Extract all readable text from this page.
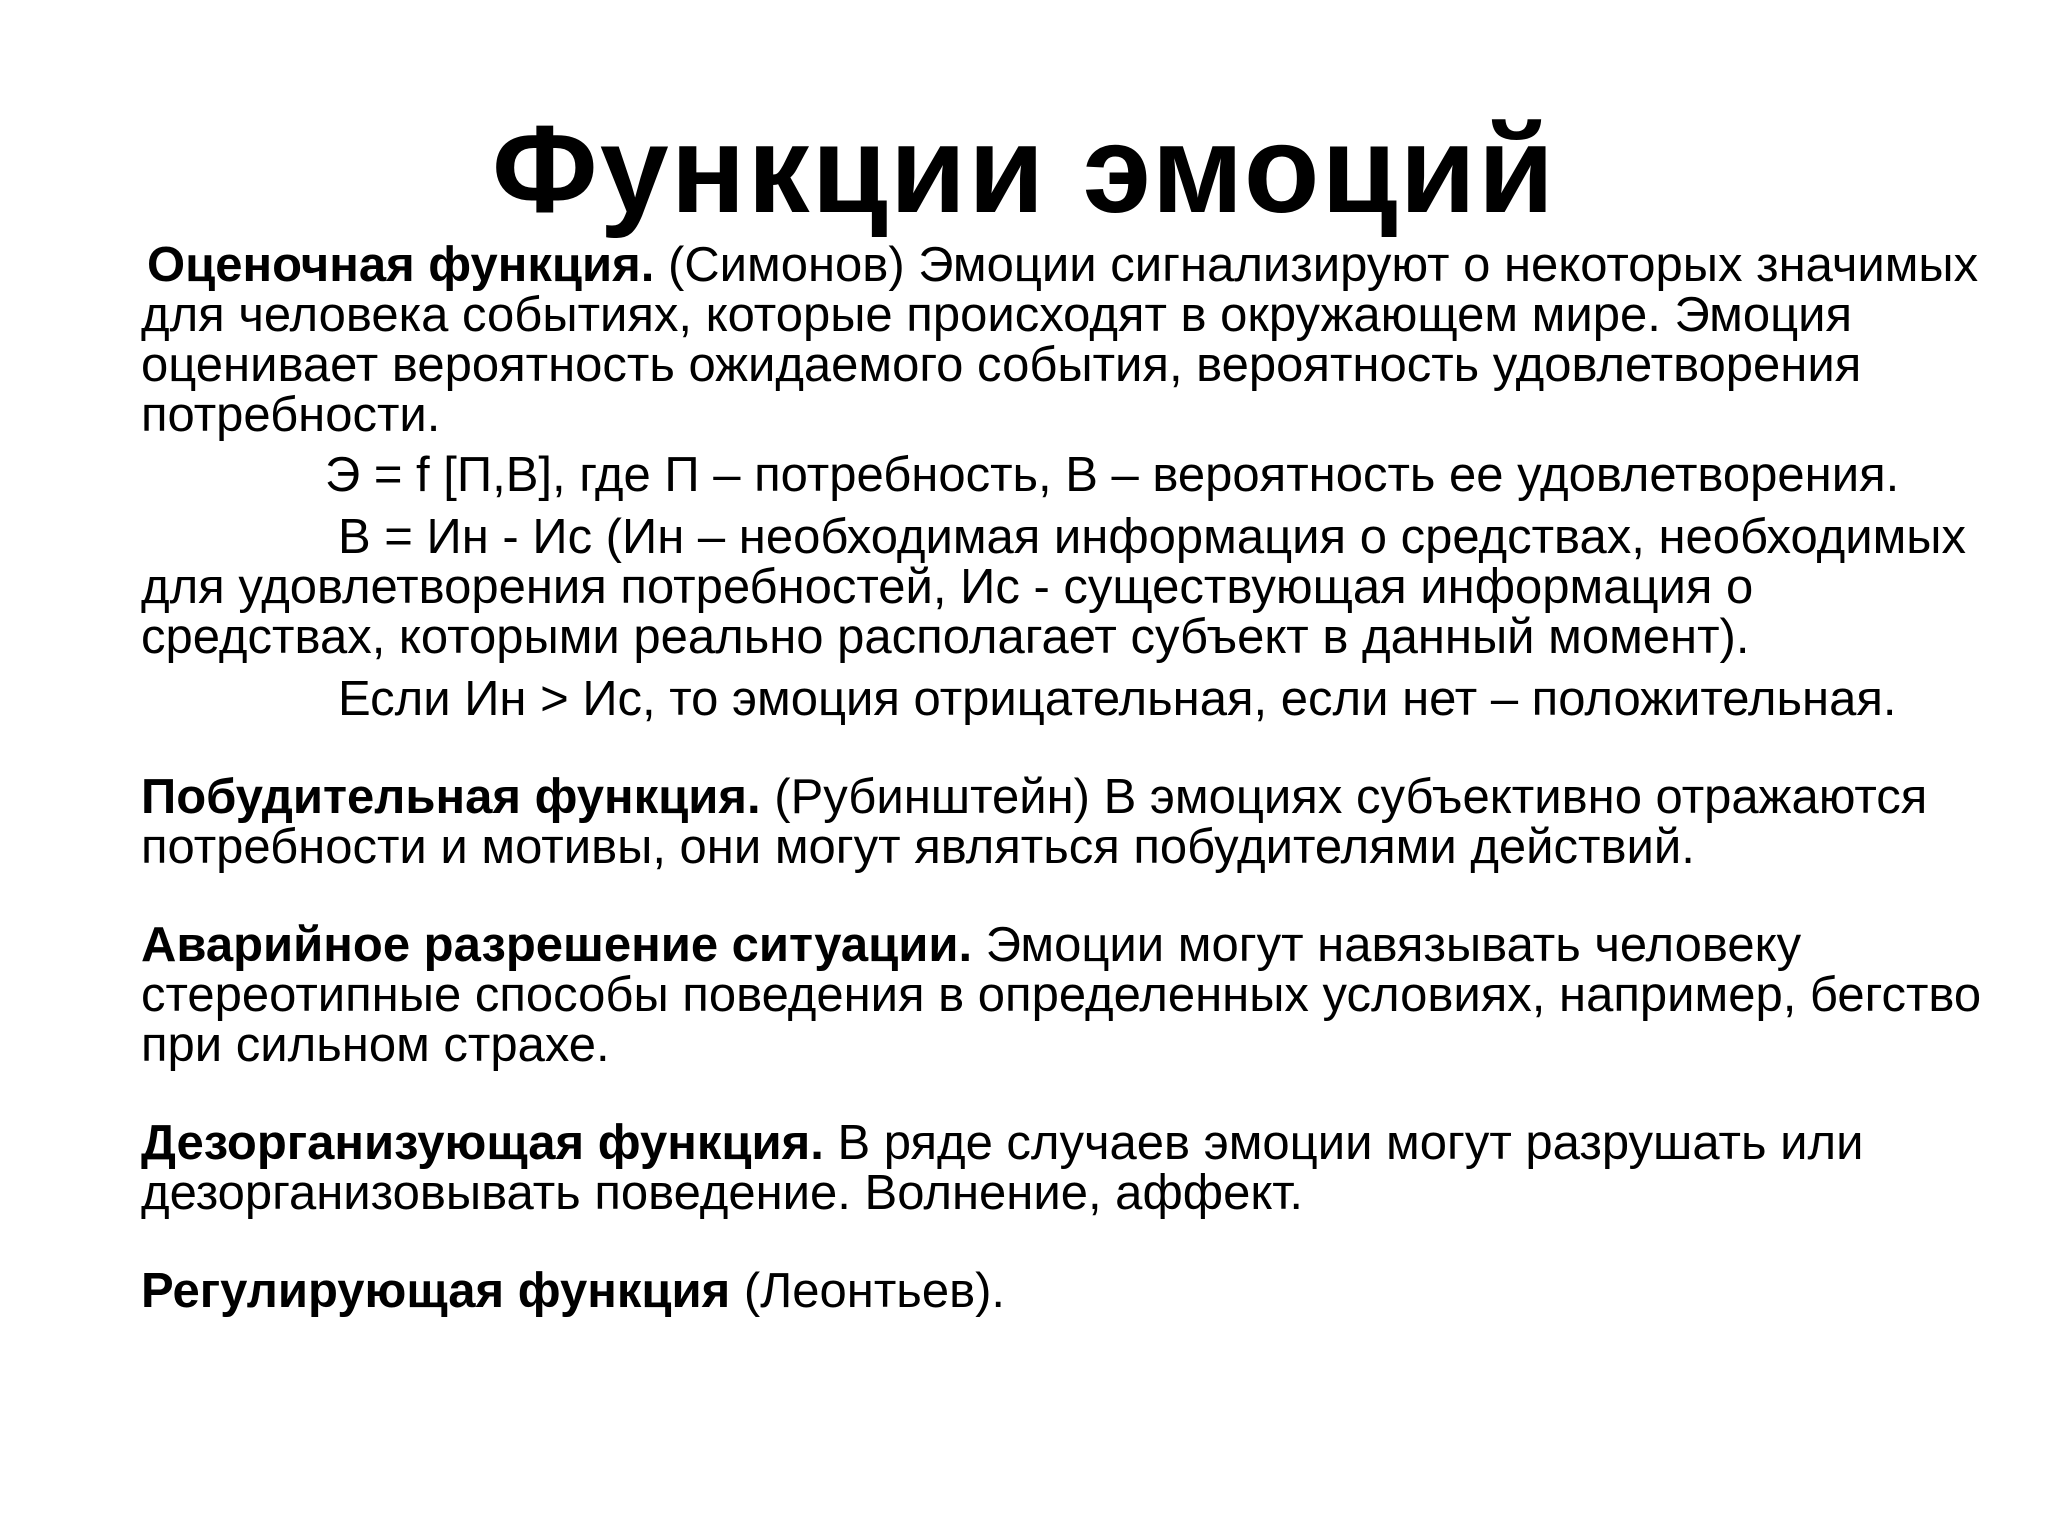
Функции эмоций

Оценочная функция. (Симонов) Эмоции сигнализируют о некоторых значимых для человека событиях, которые происходят в окружающем мире. Эмоция оценивает вероятность ожидаемого события, вероятность удовлетворения потребности.

Э = f [П,В], где П – потребность, В – вероятность ее удовлетворения.

В = Ин - Ис (Ин – необходимая информация о средствах, необходимых для удовлетворения потребностей, Ис - существующая информация о средствах, которыми реально располагает субъект в данный момент).

Если Ин > Ис, то эмоция отрицательная, если нет – положительная.

Побудительная функция. (Рубинштейн) В эмоциях субъективно отражаются потребности и мотивы, они могут являться побудителями действий.

Аварийное разрешение ситуации. Эмоции могут навязывать человеку стереотипные способы поведения в определенных условиях, например, бегство при сильном страхе.

Дезорганизующая функция. В ряде случаев эмоции могут разрушать или дезорганизовывать поведение. Волнение, аффект.

Регулирующая функция (Леонтьев).
